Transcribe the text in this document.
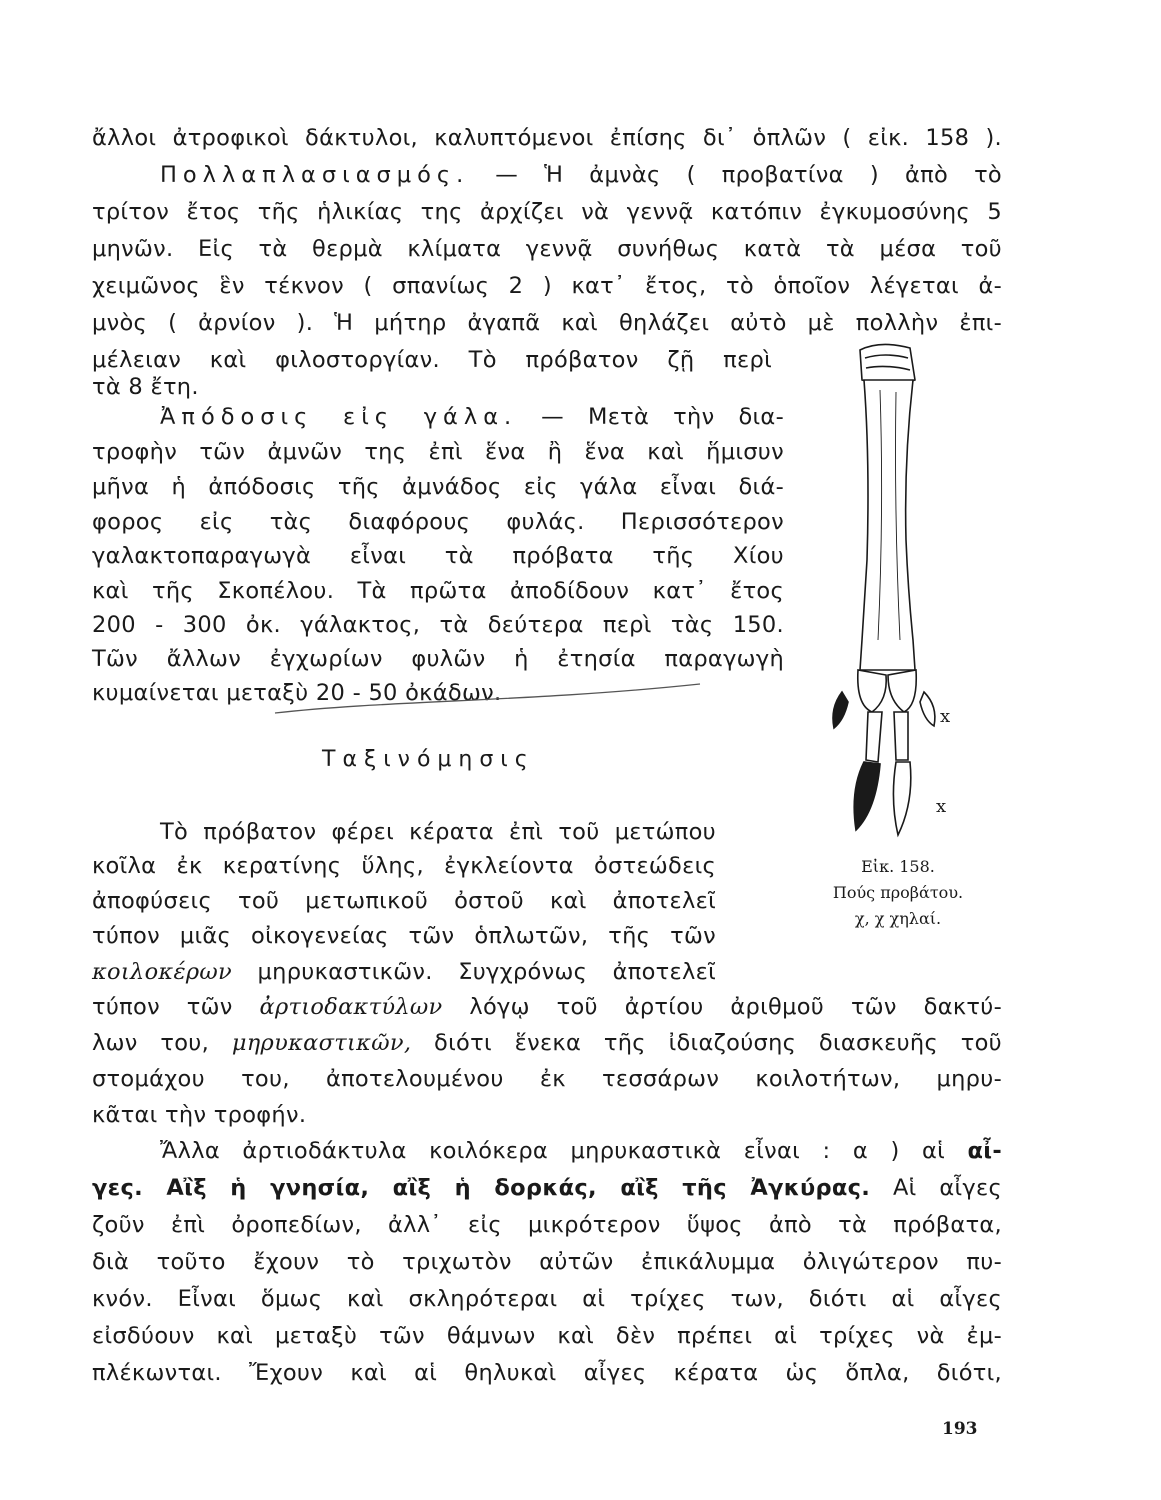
ἄλλοι ἀτροφικοὶ δάκτυλοι, καλυπτόμενοι ἐπίσης δι᾽ ὁπλῶν ( εἰκ. 158 ).
Πολλαπλασιασμός. — Ἡ ἀμνὰς ( προβατίνα ) ἀπὸ τὸ
τρίτον ἔτος τῆς ἡλικίας της ἀρχίζει νὰ γεννᾷ κατόπιν ἐγκυμοσύνης 5
μηνῶν. Εἰς τὰ θερμὰ κλίματα γεννᾷ συνήθως κατὰ τὰ μέσα τοῦ
χειμῶνος ἓν τέκνον ( σπανίως 2 ) κατ᾽ ἔτος, τὸ ὁποῖον λέγεται ἀ-
μνὸς ( ἀρνίον ). Ἡ μήτηρ ἀγαπᾶ καὶ θηλάζει αὐτὸ μὲ πολλὴν ἐπι-
μέλειαν καὶ φιλοστοργίαν. Τὸ πρόβατον ζῇ περὶ
τὰ 8 ἔτη.
Ἀπόδοσις εἰς γάλα. — Μετὰ τὴν δια-
τροφὴν τῶν ἀμνῶν της ἐπὶ ἕνα ἢ ἕνα καὶ ἥμισυν
μῆνα ἡ ἀπόδοσις τῆς ἀμνάδος εἰς γάλα εἶναι διά-
φορος εἰς τὰς διαφόρους φυλάς. Περισσότερον
γαλακτοπαραγωγὰ εἶναι τὰ πρόβατα τῆς Χίου
καὶ τῆς Σκοπέλου. Τὰ πρῶτα ἀποδίδουν κατ᾽ ἔτος
200 - 300 ὀκ. γάλακτος, τὰ δεύτερα περὶ τὰς 150.
Τῶν ἄλλων ἐγχωρίων φυλῶν ἡ ἐτησία παραγωγὴ
κυμαίνεται μεταξὺ 20 - 50 ὀκάδων.
Ταξινόμησις
Τὸ πρόβατον φέρει κέρατα ἐπὶ τοῦ μετώπου
κοῖλα ἐκ κερατίνης ὕλης, ἐγκλείοντα ὀστεώδεις
ἀποφύσεις τοῦ μετωπικοῦ ὀστοῦ καὶ ἀποτελεῖ
τύπον μιᾶς οἰκογενείας τῶν ὁπλωτῶν, τῆς τῶν
κοιλοκέρων μηρυκαστικῶν. Συγχρόνως ἀποτελεῖ
τύπον τῶν ἀρτιοδακτύλων λόγῳ τοῦ ἀρτίου ἀριθμοῦ τῶν δακτύ-
λων του, μηρυκαστικῶν, διότι ἕνεκα τῆς ἰδιαζούσης διασκευῆς τοῦ
στομάχου του, ἀποτελουμένου ἐκ τεσσάρων κοιλοτήτων, μηρυ-
κᾶται τὴν τροφήν.
Ἄλλα ἀρτιοδάκτυλα κοιλόκερα μηρυκαστικὰ εἶναι : α ) αἱ αἶ-
γες. Αἲξ ἡ γνησία, αἲξ ἡ δορκάς, αἲξ τῆς Ἀγκύρας. Αἱ αἶγες
ζοῦν ἐπὶ ὀροπεδίων, ἀλλ᾽ εἰς μικρότερον ὕψος ἀπὸ τὰ πρόβατα,
διὰ τοῦτο ἔχουν τὸ τριχωτὸν αὐτῶν ἐπικάλυμμα ὀλιγώτερον πυ-
κνόν. Εἶναι ὅμως καὶ σκληρότεραι αἱ τρίχες των, διότι αἱ αἶγες
εἰσδύουν καὶ μεταξὺ τῶν θάμνων καὶ δὲν πρέπει αἱ τρίχες νὰ ἐμ-
πλέκωνται. Ἔχουν καὶ αἱ θηλυκαὶ αἶγες κέρατα ὡς ὅπλα, διότι,
x
x
Εἰκ. 158.
Πούς προβάτου.
χ, χ χηλαί.
193
